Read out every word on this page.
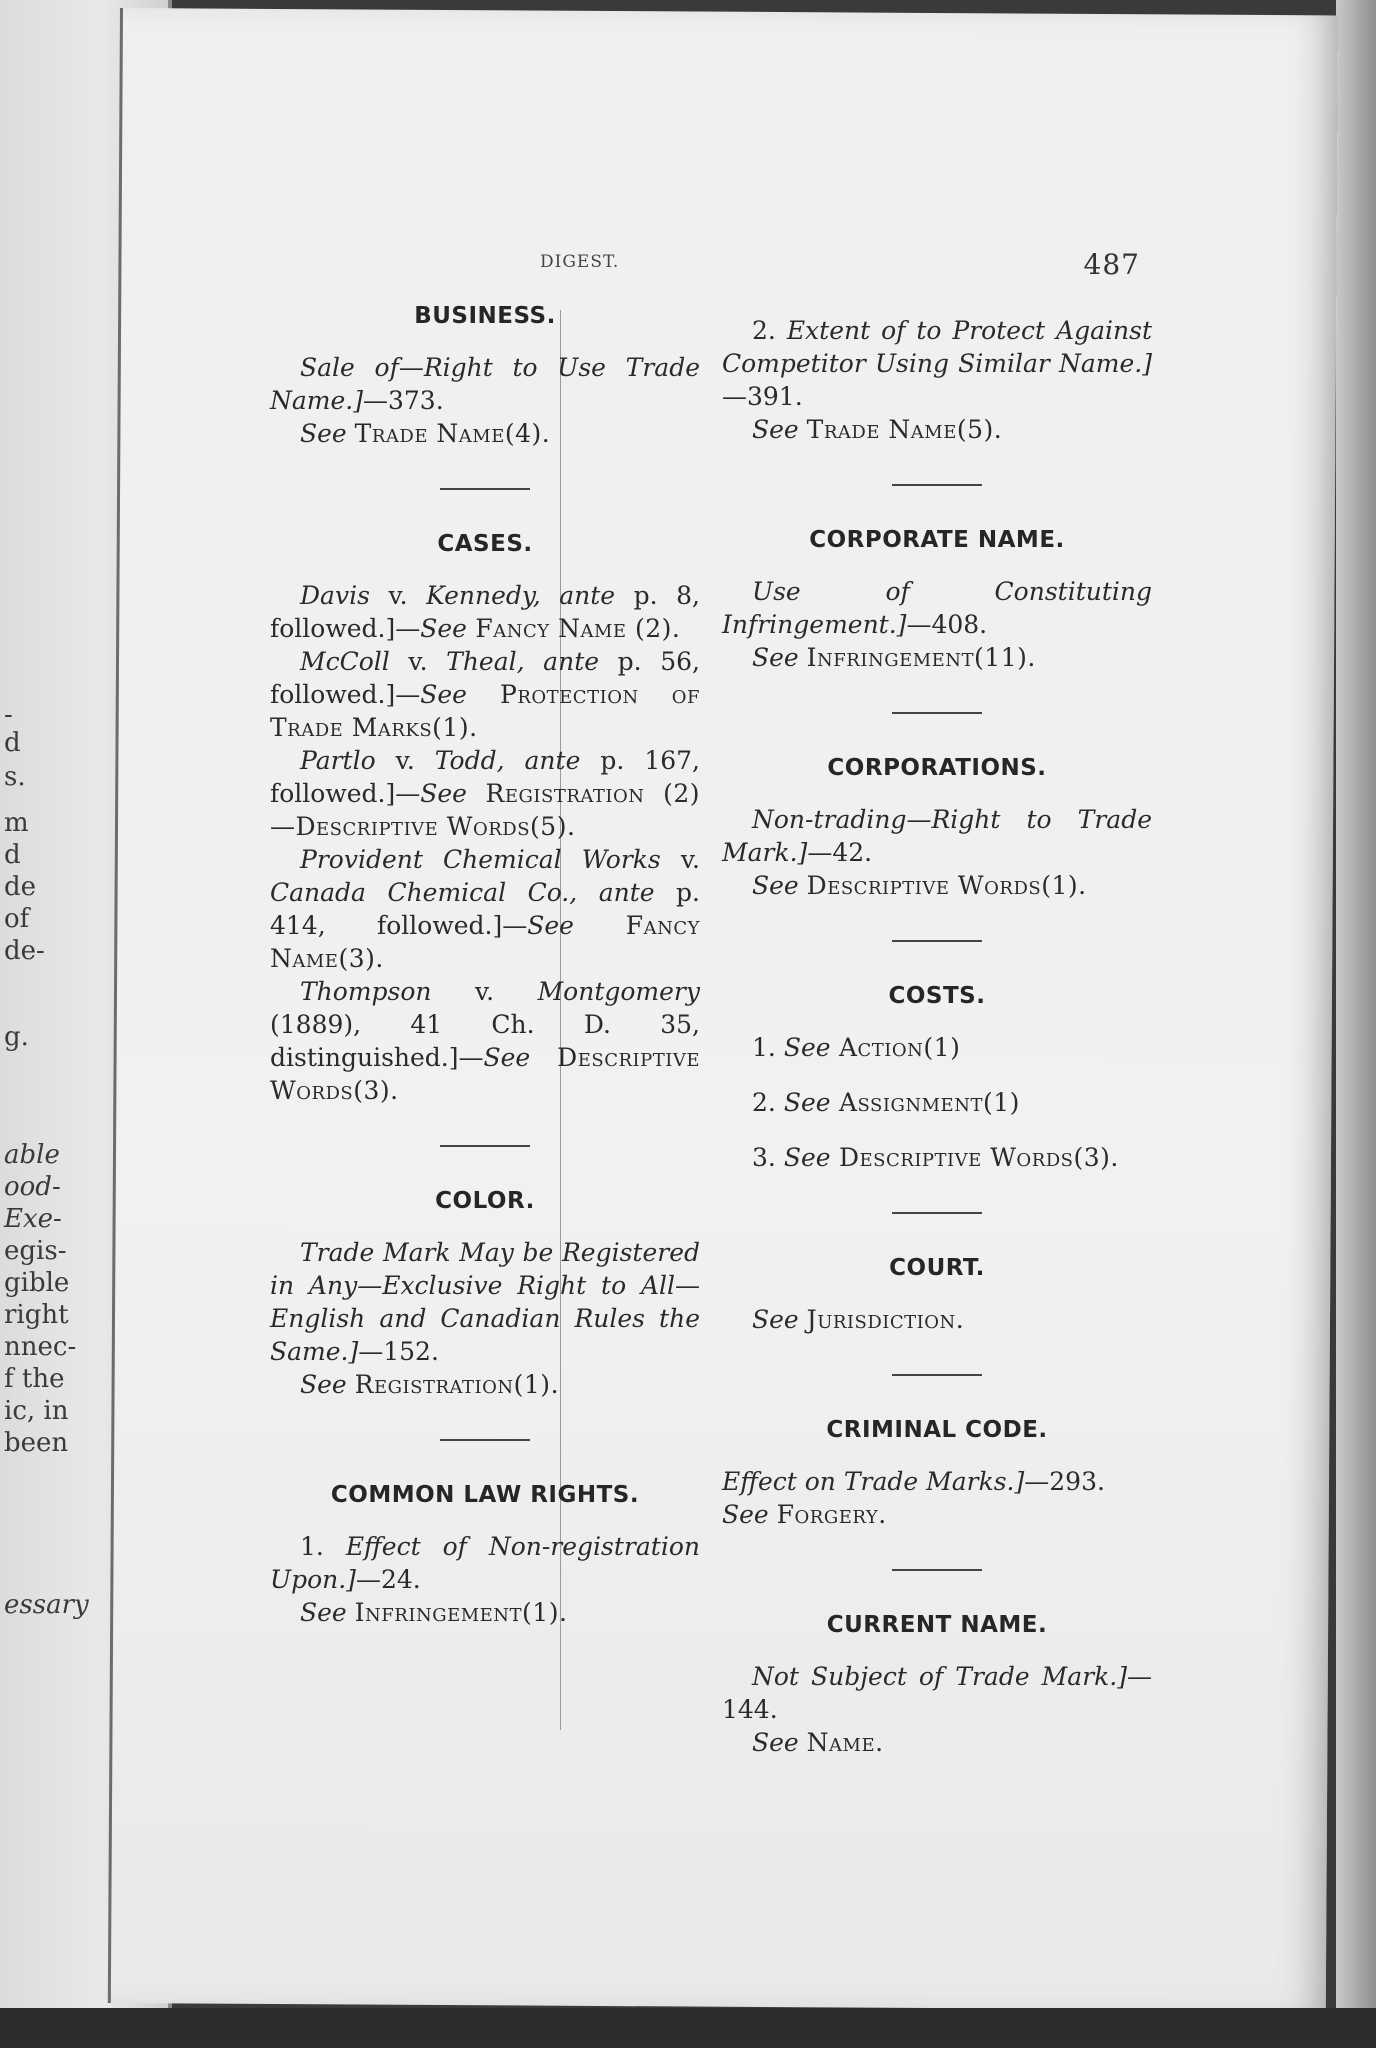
-
d
s.
m
d
de
of
de-
g.
able
ood-
Exe-
egis-
gible
right
nnec-
f the
ic, in
been
essary
DIGEST.	487

BUSINESS.

Sale of—Right to Use Trade Name.]—373.

See Trade Name(4).

CASES.

Davis v. Kennedy, ante p. 8, followed.]—See Fancy Name (2).

McColl v. Theal, ante p. 56, followed.]—See Protection of Trade Marks(1).

Partlo v. Todd, ante p. 167, followed.]—See Registration (2)—Descriptive Words(5).

Provident Chemical Works v. Canada Chemical Co., ante p. 414, followed.]—See Fancy Name(3).

Thompson v. Montgomery (1889), 41 Ch. D. 35, distinguished.]—See Descriptive Words(3).

COLOR.

Trade Mark May be Registered in Any—Exclusive Right to All—English and Canadian Rules the Same.]—152.

See Registration(1).

COMMON LAW RIGHTS.

1. Effect of Non-registration Upon.]—24.

See Infringement(1).

2. Extent of to Protect Against Competitor Using Similar Name.]—391.

See Trade Name(5).

CORPORATE NAME.

Use of Constituting Infringement.]—408.

See Infringement(11).

CORPORATIONS.

Non-trading—Right to Trade Mark.]—42.

See Descriptive Words(1).

COSTS.

1. See Action(1)

2. See Assignment(1)

3. See Descriptive Words(3).

COURT.

See Jurisdiction.

CRIMINAL CODE.

Effect on Trade Marks.]—293.

See Forgery.

CURRENT NAME.

Not Subject of Trade Mark.]—144.

See Name.
